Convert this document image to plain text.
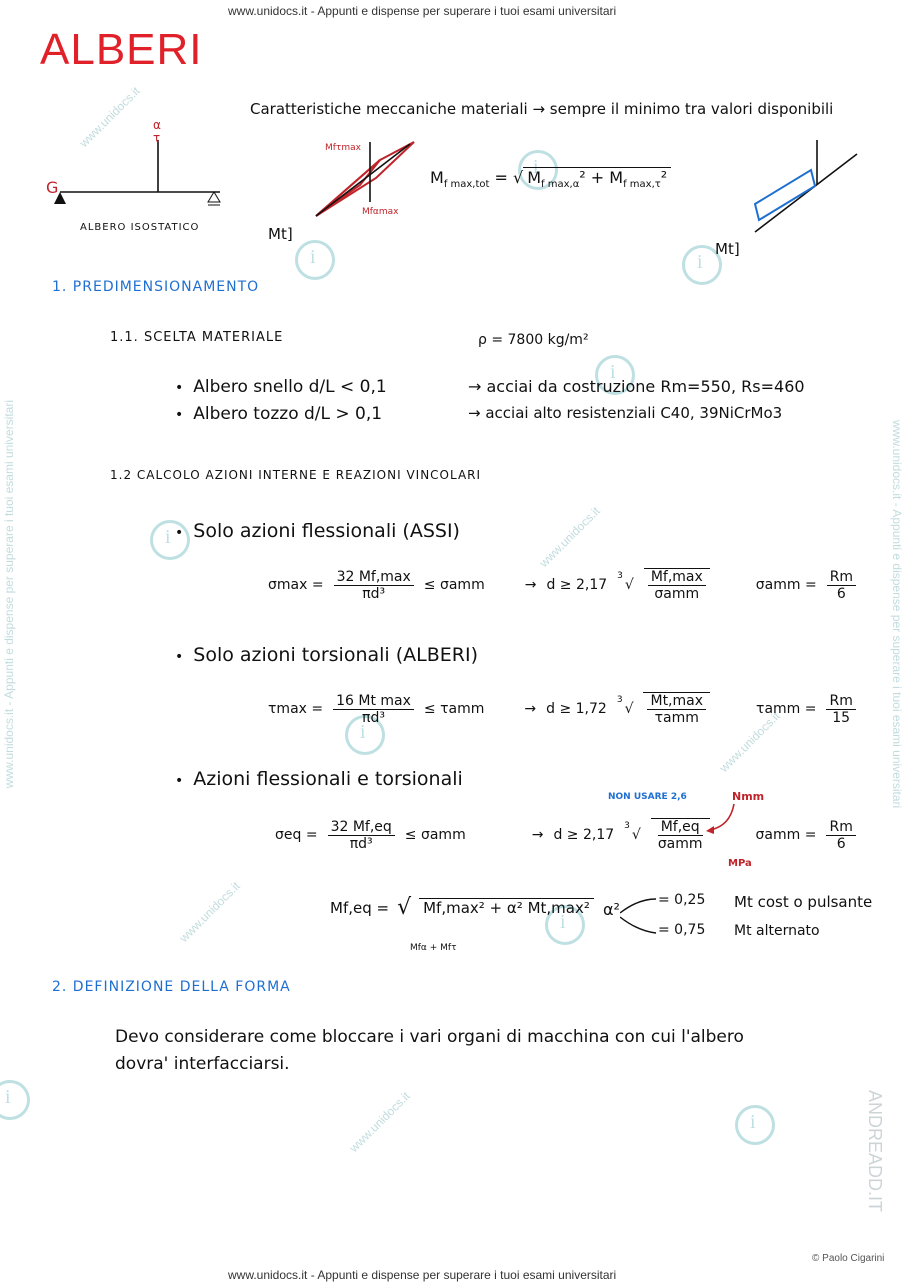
www.unidocs.it - Appunti e dispense per superare i tuoi esami universitari
www.unidocs.it - Appunti e dispense per superare i tuoi esami universitari
www.unidocs.it - Appunti e dispense per superare i tuoi esami universitari	www.unidocs.it - Appunti e dispense per superare i tuoi esami universitari
i
i
i
i
i
i
i
i
i
www.unidocs.it
www.unidocs.it
www.unidocs.it
www.unidocs.it
www.unidocs.it
ALBERI
Caratteristiche meccaniche materiali → sempre il minimo tra valori disponibili
α
τ
G
ALBERO ISOSTATICO
Mfτmax
Mfαmax
Mt]
$M_{f max,tot}$ = √ $M_{f max,\alpha}^2 + M_{f max,\tau}^2$
Mt]
1. PREDIMENSIONAMENTO
1.1. SCELTA MATERIALE	ρ = 7800 kg/m²
• Albero snello d/L < 0,1	→ acciai da costruzione Rm=550, Rs=460
• Albero tozzo d/L > 0,1	→ acciai alto resistenziali C40, 39NiCrMo3
1.2 CALCOLO AZIONI INTERNE E REAZIONI VINCOLARI
• Solo azioni flessionali (ASSI)
$\sigma\max = \frac{32 Mf,\max}{\text{πd³}} \le \sigma amm$	→ d ≥ 2,17
3
√ $\frac{Mf,\max}{\text{σamm}}$	$\sigma amm = \frac{Rm}{6}$
• Solo azioni torsionali (ALBERI)
$\tau\max = \frac{\text{16 Mt max}}{\text{πd³}} \le \tau amm$	→ d ≥ 1,72
3
√ $\frac{Mt,\max}{\text{τamm}}$	$\tau amm = \frac{Rm}{15}$
• Azioni flessionali e torsionali
NON USARE 2,6	Nmm
MPa
$\sigma eq = \frac{32 Mf,eq}{\text{πd³}} \le \sigma amm$	→ d ≥ 2,17
3
√ $\frac{Mf,eq}{\text{σamm}}$	$\sigma amm = \frac{Rm}{6}$
Mf,eq = √ Mf,max² + α² Mt,max²
Mfα + Mfτ
α²	= 0,25 Mt cost o pulsante
= 0,75 Mt alternato
2. DEFINIZIONE DELLA FORMA
Devo considerare come bloccare i vari organi di macchina con cui l'albero
dovra' interfacciarsi.
ANDREADD.IT
© Paolo Cigarini
